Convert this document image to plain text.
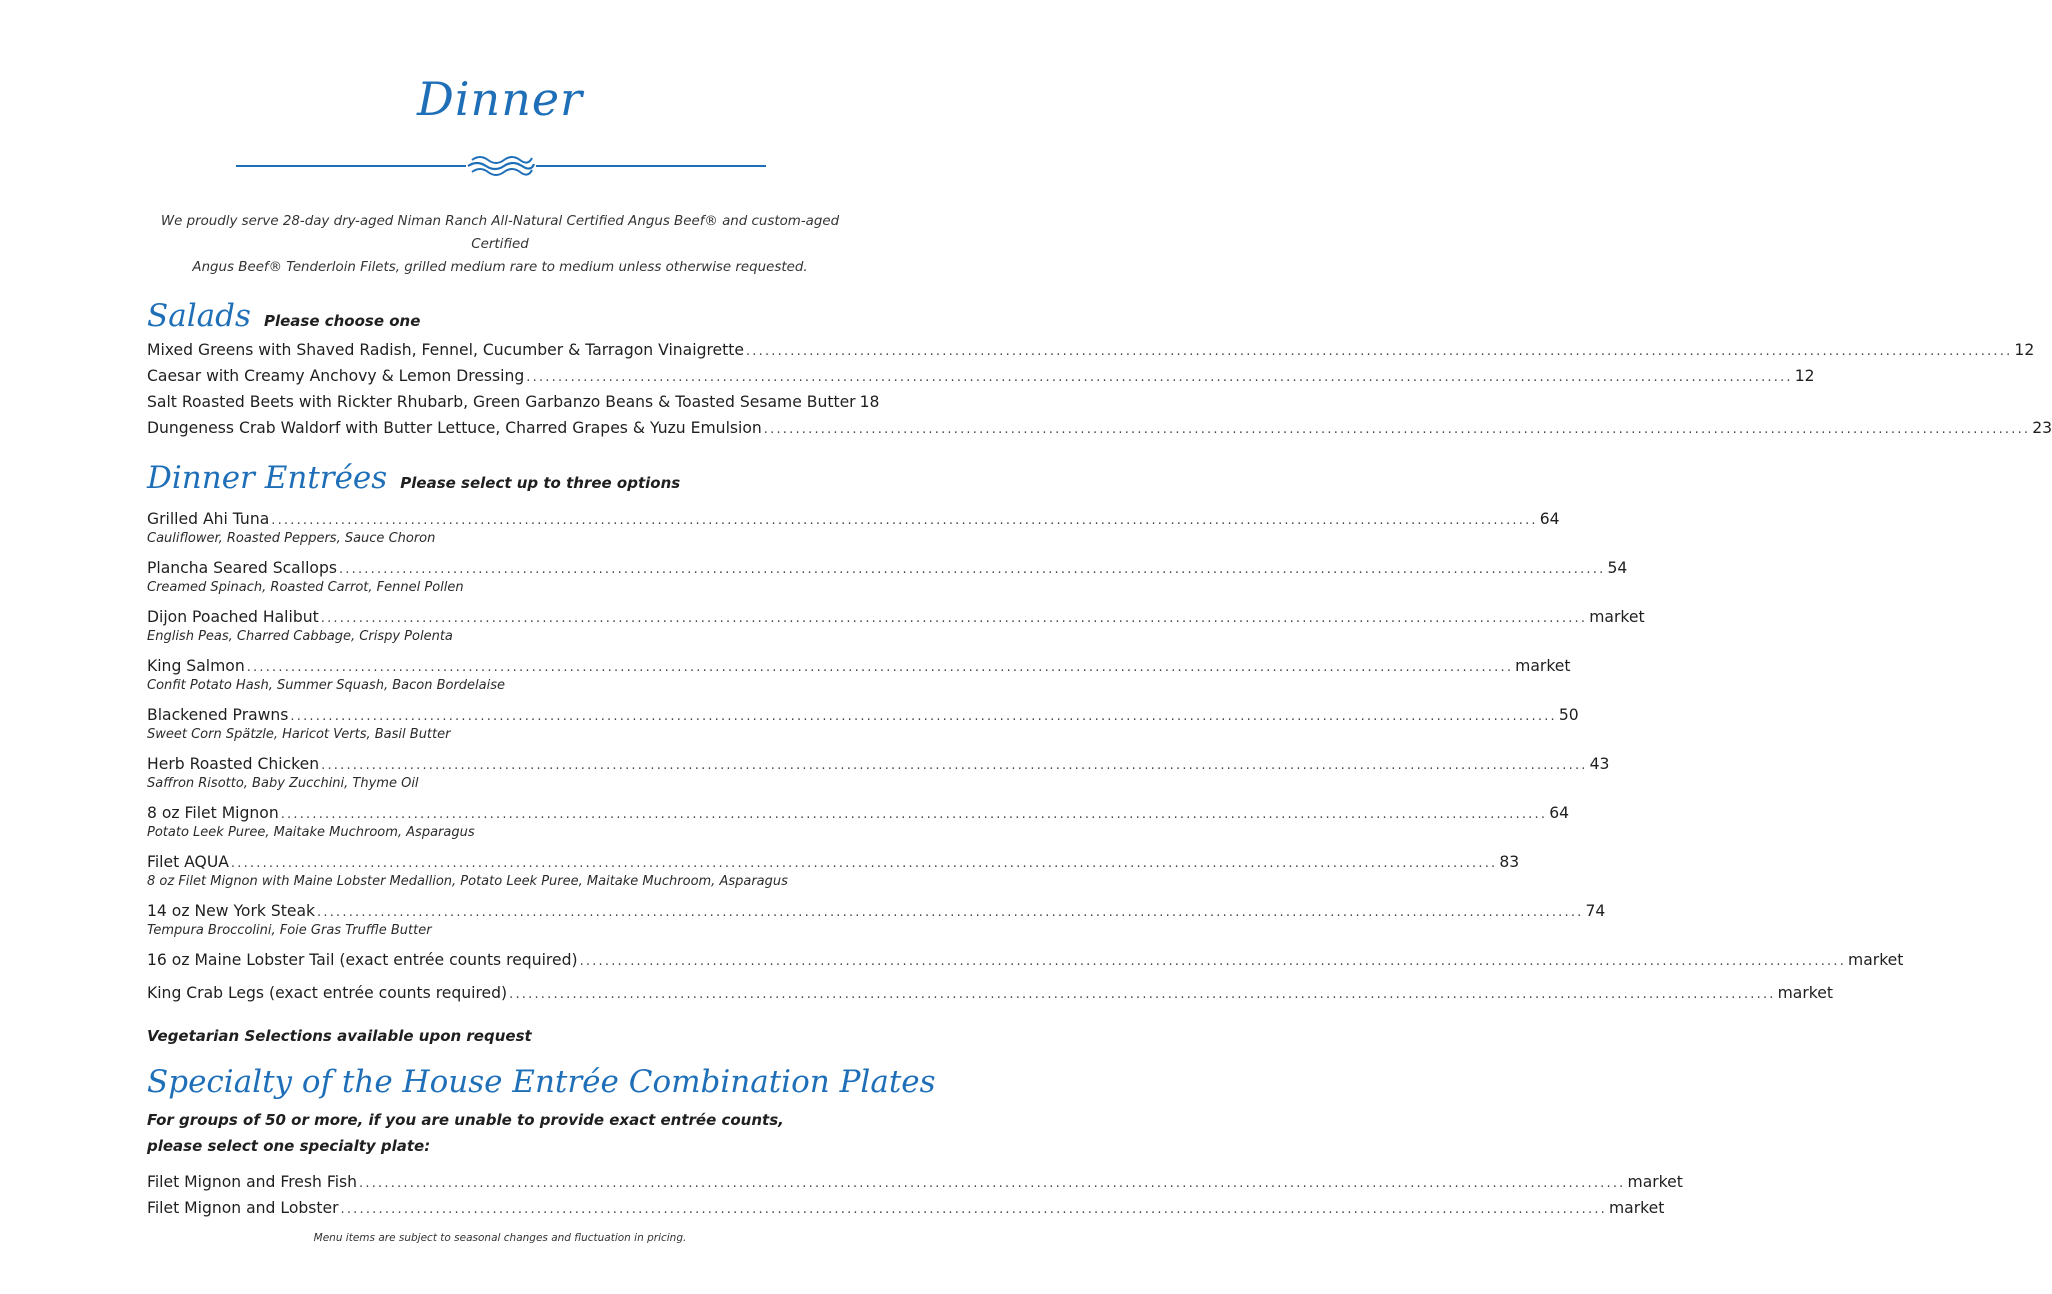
Dinner

We proudly serve 28-day dry-aged Niman Ranch All-Natural Certified Angus Beef® and custom-aged Certified

Angus Beef® Tenderloin Filets, grilled medium rare to medium unless otherwise requested.

Salads Please choose one
Mixed Greens with Shaved Radish, Fennel, Cucumber & Tarragon Vinaigrette ........................................................................................................................................................................................................ 12
Caesar with Creamy Anchovy & Lemon Dressing ........................................................................................................................................................................................................ 12
Salt Roasted Beets with Rickter Rhubarb, Green Garbanzo Beans & Toasted Sesame Butter 18
Dungeness Crab Waldorf with Butter Lettuce, Charred Grapes & Yuzu Emulsion ........................................................................................................................................................................................................ 23
Dinner Entrées Please select up to three options
Grilled Ahi Tuna ........................................................................................................................................................................................................ 64
Cauliflower, Roasted Peppers, Sauce Choron
Plancha Seared Scallops ........................................................................................................................................................................................................ 54
Creamed Spinach, Roasted Carrot, Fennel Pollen
Dijon Poached Halibut ........................................................................................................................................................................................................ market
English Peas, Charred Cabbage, Crispy Polenta
King Salmon ........................................................................................................................................................................................................ market
Confit Potato Hash, Summer Squash, Bacon Bordelaise
Blackened Prawns ........................................................................................................................................................................................................ 50
Sweet Corn Spätzle, Haricot Verts, Basil Butter
Herb Roasted Chicken ........................................................................................................................................................................................................ 43
Saffron Risotto, Baby Zucchini, Thyme Oil
8 oz Filet Mignon ........................................................................................................................................................................................................ 64
Potato Leek Puree, Maitake Muchroom, Asparagus
Filet AQUA ........................................................................................................................................................................................................ 83
8 oz Filet Mignon with Maine Lobster Medallion, Potato Leek Puree, Maitake Muchroom, Asparagus
14 oz New York Steak ........................................................................................................................................................................................................ 74
Tempura Broccolini, Foie Gras Truffle Butter
16 oz Maine Lobster Tail (exact entrée counts required) ........................................................................................................................................................................................................ market
King Crab Legs (exact entrée counts required) ........................................................................................................................................................................................................ market
Vegetarian Selections available upon request
Specialty of the House Entrée Combination Plates
For groups of 50 or more, if you are unable to provide exact entrée counts,
please select one specialty plate:
Filet Mignon and Fresh Fish ........................................................................................................................................................................................................ market
Filet Mignon and Lobster ........................................................................................................................................................................................................ market
Menu items are subject to seasonal changes and fluctuation in pricing.
